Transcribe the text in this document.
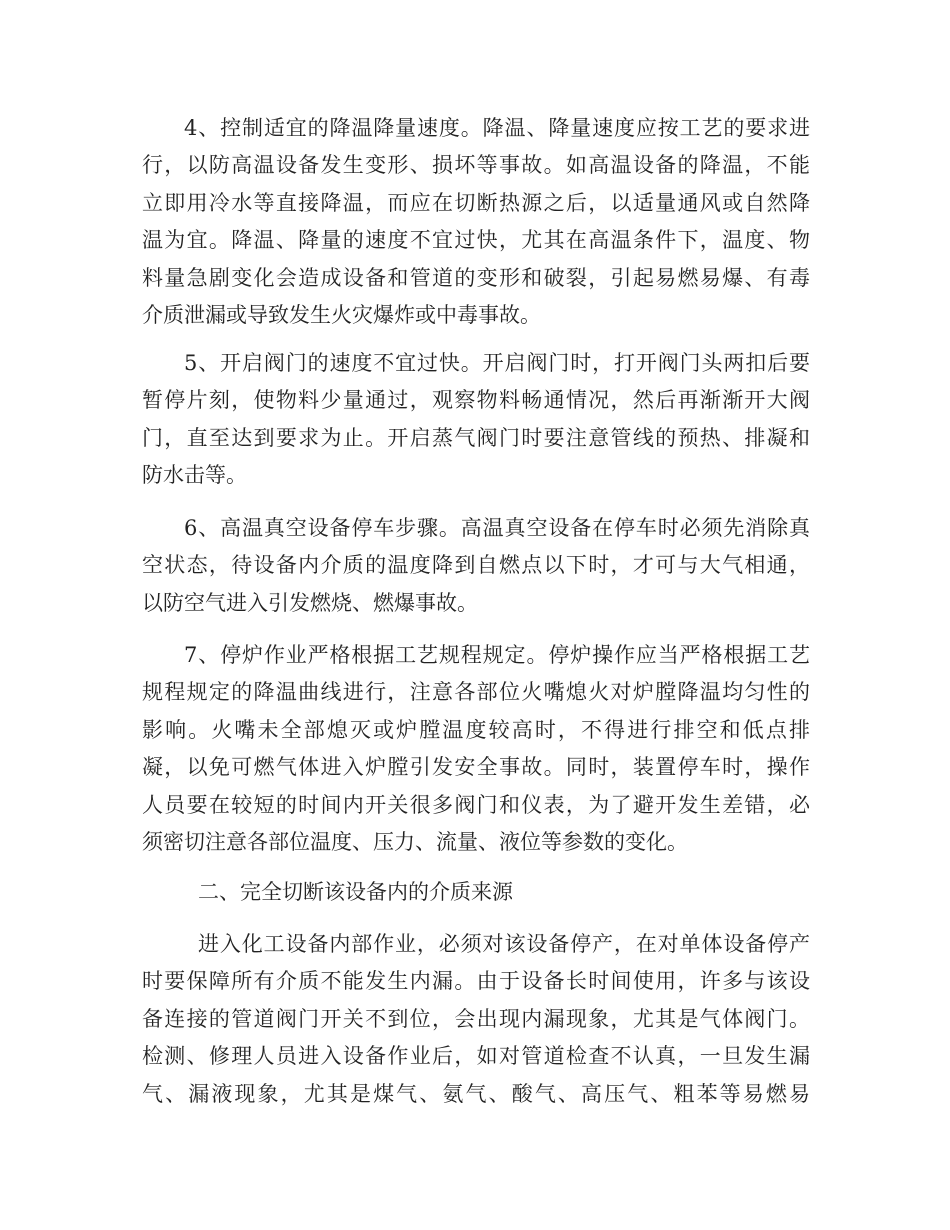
4、控制适宜的降温降量速度。降温、降量速度应按工艺的要求进
行，以防高温设备发生变形、损坏等事故。如高温设备的降温，不能
立即用冷水等直接降温，而应在切断热源之后，以适量通风或自然降
温为宜。降温、降量的速度不宜过快，尤其在高温条件下，温度、物
料量急剧变化会造成设备和管道的变形和破裂，引起易燃易爆、有毒
介质泄漏或导致发生火灾爆炸或中毒事故。
5、开启阀门的速度不宜过快。开启阀门时，打开阀门头两扣后要
暂停片刻，使物料少量通过，观察物料畅通情况，然后再渐渐开大阀
门，直至达到要求为止。开启蒸气阀门时要注意管线的预热、排凝和
防水击等。
6、高温真空设备停车步骤。高温真空设备在停车时必须先消除真
空状态，待设备内介质的温度降到自燃点以下时，才可与大气相通，
以防空气进入引发燃烧、燃爆事故。
7、停炉作业严格根据工艺规程规定。停炉操作应当严格根据工艺
规程规定的降温曲线进行，注意各部位火嘴熄火对炉膛降温均匀性的
影响。火嘴未全部熄灭或炉膛温度较高时，不得进行排空和低点排
凝，以免可燃气体进入炉膛引发安全事故。同时，装置停车时，操作
人员要在较短的时间内开关很多阀门和仪表，为了避开发生差错，必
须密切注意各部位温度、压力、流量、液位等参数的变化。
二、完全切断该设备内的介质来源
进入化工设备内部作业，必须对该设备停产，在对单体设备停产
时要保障所有介质不能发生内漏。由于设备长时间使用，许多与该设
备连接的管道阀门开关不到位，会出现内漏现象，尤其是气体阀门。
检测、修理人员进入设备作业后，如对管道检查不认真，一旦发生漏
气、漏液现象，尤其是煤气、氨气、酸气、高压气、粗苯等易燃易
